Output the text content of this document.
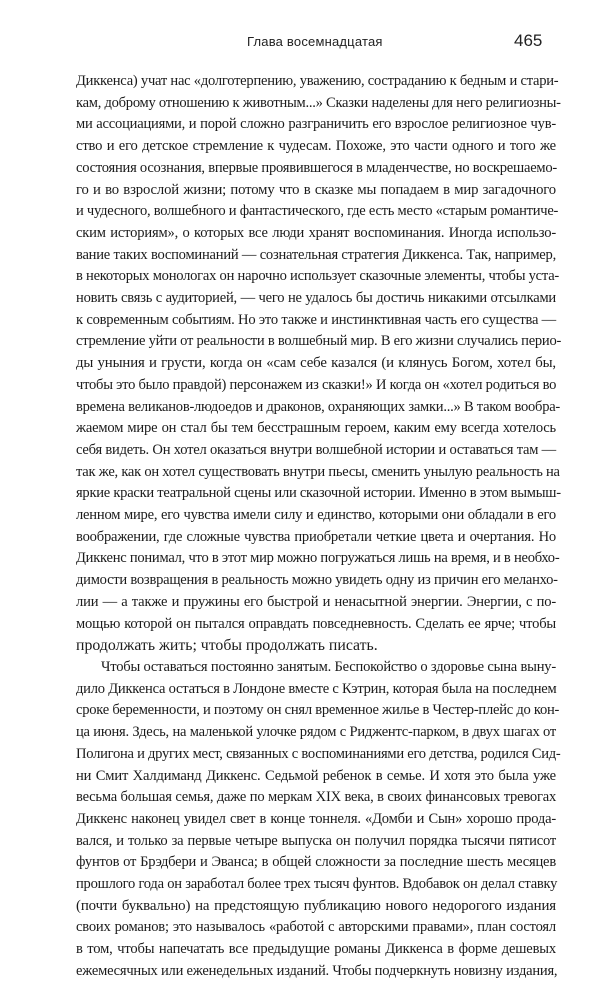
Глава восемнадцатая	465
Диккенса) учат нас «долготерпению, уважению, состраданию к бедным и стари-
кам, доброму отношению к животным...» Сказки наделены для него религиозны-
ми ассоциациями, и порой сложно разграничить его взрослое религиозное чув-
ство и его детское стремление к чудесам. Похоже, это части одного и того же
состояния осознания, впервые проявившегося в младенчестве, но воскрешаемо-
го и во взрослой жизни; потому что в сказке мы попадаем в мир загадочного
и чудесного, волшебного и фантастического, где есть место «старым романтиче-
ским историям», о которых все люди хранят воспоминания. Иногда использо-
вание таких воспоминаний — сознательная стратегия Диккенса. Так, например,
в некоторых монологах он нарочно использует сказочные элементы, чтобы уста-
новить связь с аудиторией, — чего не удалось бы достичь никакими отсылками
к современным событиям. Но это также и инстинктивная часть его существа —
стремление уйти от реальности в волшебный мир. В его жизни случались перио-
ды уныния и грусти, когда он «сам себе казался (и клянусь Богом, хотел бы,
чтобы это было правдой) персонажем из сказки!» И когда он «хотел родиться во
времена великанов-людоедов и драконов, охраняющих замки...» В таком вообра-
жаемом мире он стал бы тем бесстрашным героем, каким ему всегда хотелось
себя видеть. Он хотел оказаться внутри волшебной истории и оставаться там —
так же, как он хотел существовать внутри пьесы, сменить унылую реальность на
яркие краски театральной сцены или сказочной истории. Именно в этом вымыш-
ленном мире, его чувства имели силу и единство, которыми они обладали в его
воображении, где сложные чувства приобретали четкие цвета и очертания. Но
Диккенс понимал, что в этот мир можно погружаться лишь на время, и в необхо-
димости возвращения в реальность можно увидеть одну из причин его меланхо-
лии — а также и пружины его быстрой и ненасытной энергии. Энергии, с по-
мощью которой он пытался оправдать повседневность. Сделать ее ярче; чтобы
продолжать жить; чтобы продолжать писать.
Чтобы оставаться постоянно занятым. Беспокойство о здоровье сына выну-
дило Диккенса остаться в Лондоне вместе с Кэтрин, которая была на последнем
сроке беременности, и поэтому он снял временное жилье в Честер-плейс до кон-
ца июня. Здесь, на маленькой улочке рядом с Риджентс-парком, в двух шагах от
Полигона и других мест, связанных с воспоминаниями его детства, родился Сид-
ни Смит Халдиманд Диккенс. Седьмой ребенок в семье. И хотя это была уже
весьма большая семья, даже по меркам XIX века, в своих финансовых тревогах
Диккенс наконец увидел свет в конце тоннеля. «Домби и Сын» хорошо прода-
вался, и только за первые четыре выпуска он получил порядка тысячи пятисот
фунтов от Брэдбери и Эванса; в общей сложности за последние шесть месяцев
прошлого года он заработал более трех тысяч фунтов. Вдобавок он делал ставку
(почти буквально) на предстоящую публикацию нового недорогого издания
своих романов; это называлось «работой с авторскими правами», план состоял
в том, чтобы напечатать все предыдущие романы Диккенса в форме дешевых
ежемесячных или еженедельных изданий. Чтобы подчеркнуть новизну издания,
